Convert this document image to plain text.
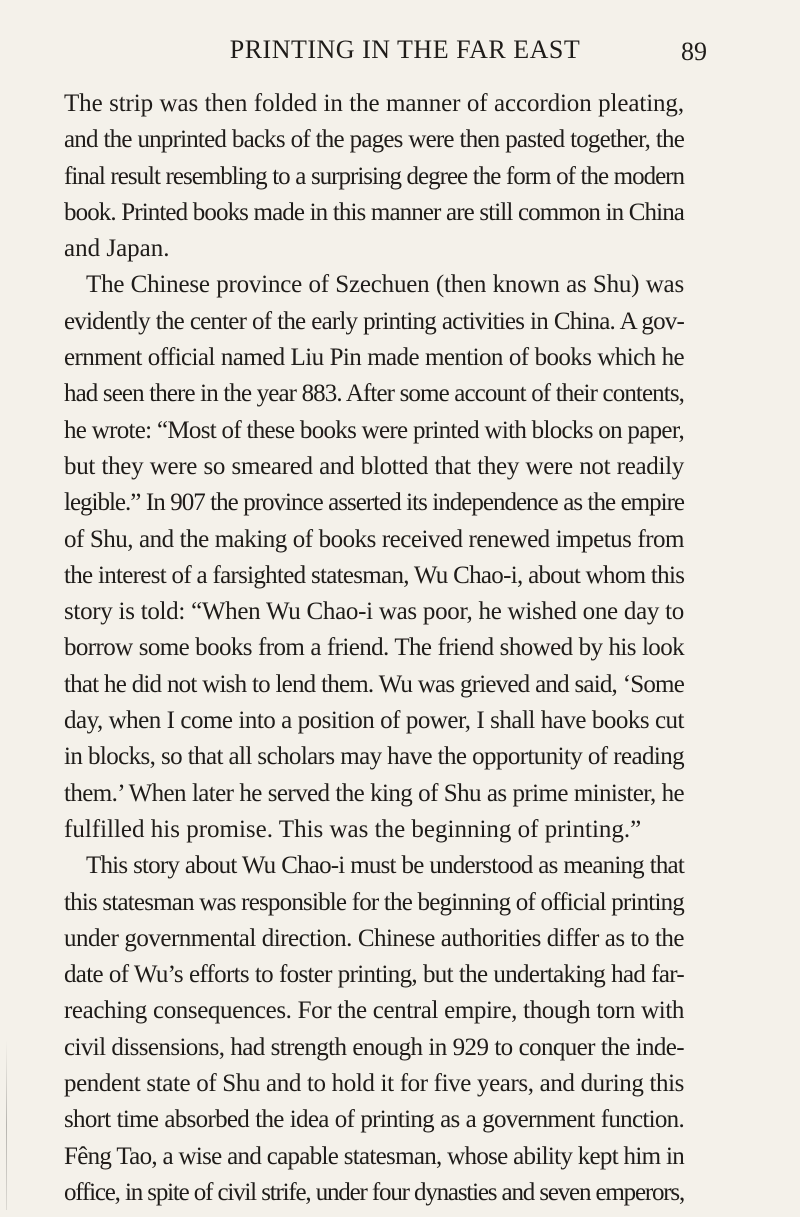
PRINTING IN THE FAR EAST	89
The strip was then folded in the manner of accordion pleating,
and the unprinted backs of the pages were then pasted together, the
final result resembling to a surprising degree the form of the modern
book. Printed books made in this manner are still common in China
and Japan.
The Chinese province of Szechuen (then known as Shu) was
evidently the center of the early printing activities in China. A gov-
ernment official named Liu Pin made mention of books which he
had seen there in the year 883. After some account of their contents,
he wrote: “Most of these books were printed with blocks on paper,
but they were so smeared and blotted that they were not readily
legible.” In 907 the province asserted its independence as the empire
of Shu, and the making of books received renewed impetus from
the interest of a farsighted statesman, Wu Chao-i, about whom this
story is told: “When Wu Chao-i was poor, he wished one day to
borrow some books from a friend. The friend showed by his look
that he did not wish to lend them. Wu was grieved and said, ‘Some
day, when I come into a position of power, I shall have books cut
in blocks, so that all scholars may have the opportunity of reading
them.’ When later he served the king of Shu as prime minister, he
fulfilled his promise. This was the beginning of printing.”
This story about Wu Chao-i must be understood as meaning that
this statesman was responsible for the beginning of official printing
under governmental direction. Chinese authorities differ as to the
date of Wu’s efforts to foster printing, but the undertaking had far-
reaching consequences. For the central empire, though torn with
civil dissensions, had strength enough in 929 to conquer the inde-
pendent state of Shu and to hold it for five years, and during this
short time absorbed the idea of printing as a government function.
Fêng Tao, a wise and capable statesman, whose ability kept him in
office, in spite of civil strife, under four dynasties and seven emperors,
